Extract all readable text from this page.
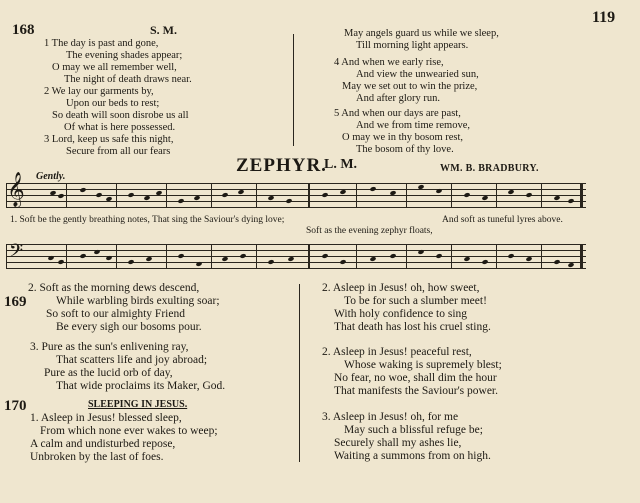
119
168	S. M.
1 The day is past and gone,
The evening shades appear;
O may we all remember well,
The night of death draws near.
2 We lay our garments by,
Upon our beds to rest;
So death will soon disrobe us all
Of what is here possessed.
3 Lord, keep us safe this night,
Secure from all our fears
May angels guard us while we sleep,
Till morning light appears.
4 And when we early rise,
And view the unwearied sun,
May we set out to win the prize,
And after glory run.
5 And when our days are past,
And we from time remove,
O may we in thy bosom rest,
The bosom of thy love.
ZEPHYR.
L. M.	WM. B. BRADBURY.
Gently.
𝄞
1. Soft be the gently breathing notes, That sing the Saviour's dying love;	And soft as tuneful lyres above.
Soft as the evening zephyr floats,
𝄢
2. Soft as the morning dews descend,
169	While warbling birds exulting soar;
So soft to our almighty Friend
Be every sigh our bosoms pour.
3. Pure as the sun's enlivening ray,
That scatters life and joy abroad;
Pure as the lucid orb of day,
That wide proclaims its Maker, God.
170	SLEEPING IN JESUS.
1. Asleep in Jesus! blessed sleep,
From which none ever wakes to weep;
A calm and undisturbed repose,
Unbroken by the last of foes.
2. Asleep in Jesus! oh, how sweet,
To be for such a slumber meet!
With holy confidence to sing
That death has lost his cruel sting.
2. Asleep in Jesus! peaceful rest,
Whose waking is supremely blest;
No fear, no woe, shall dim the hour
That manifests the Saviour's power.
3. Asleep in Jesus! oh, for me
May such a blissful refuge be;
Securely shall my ashes lie,
Waiting a summons from on high.
